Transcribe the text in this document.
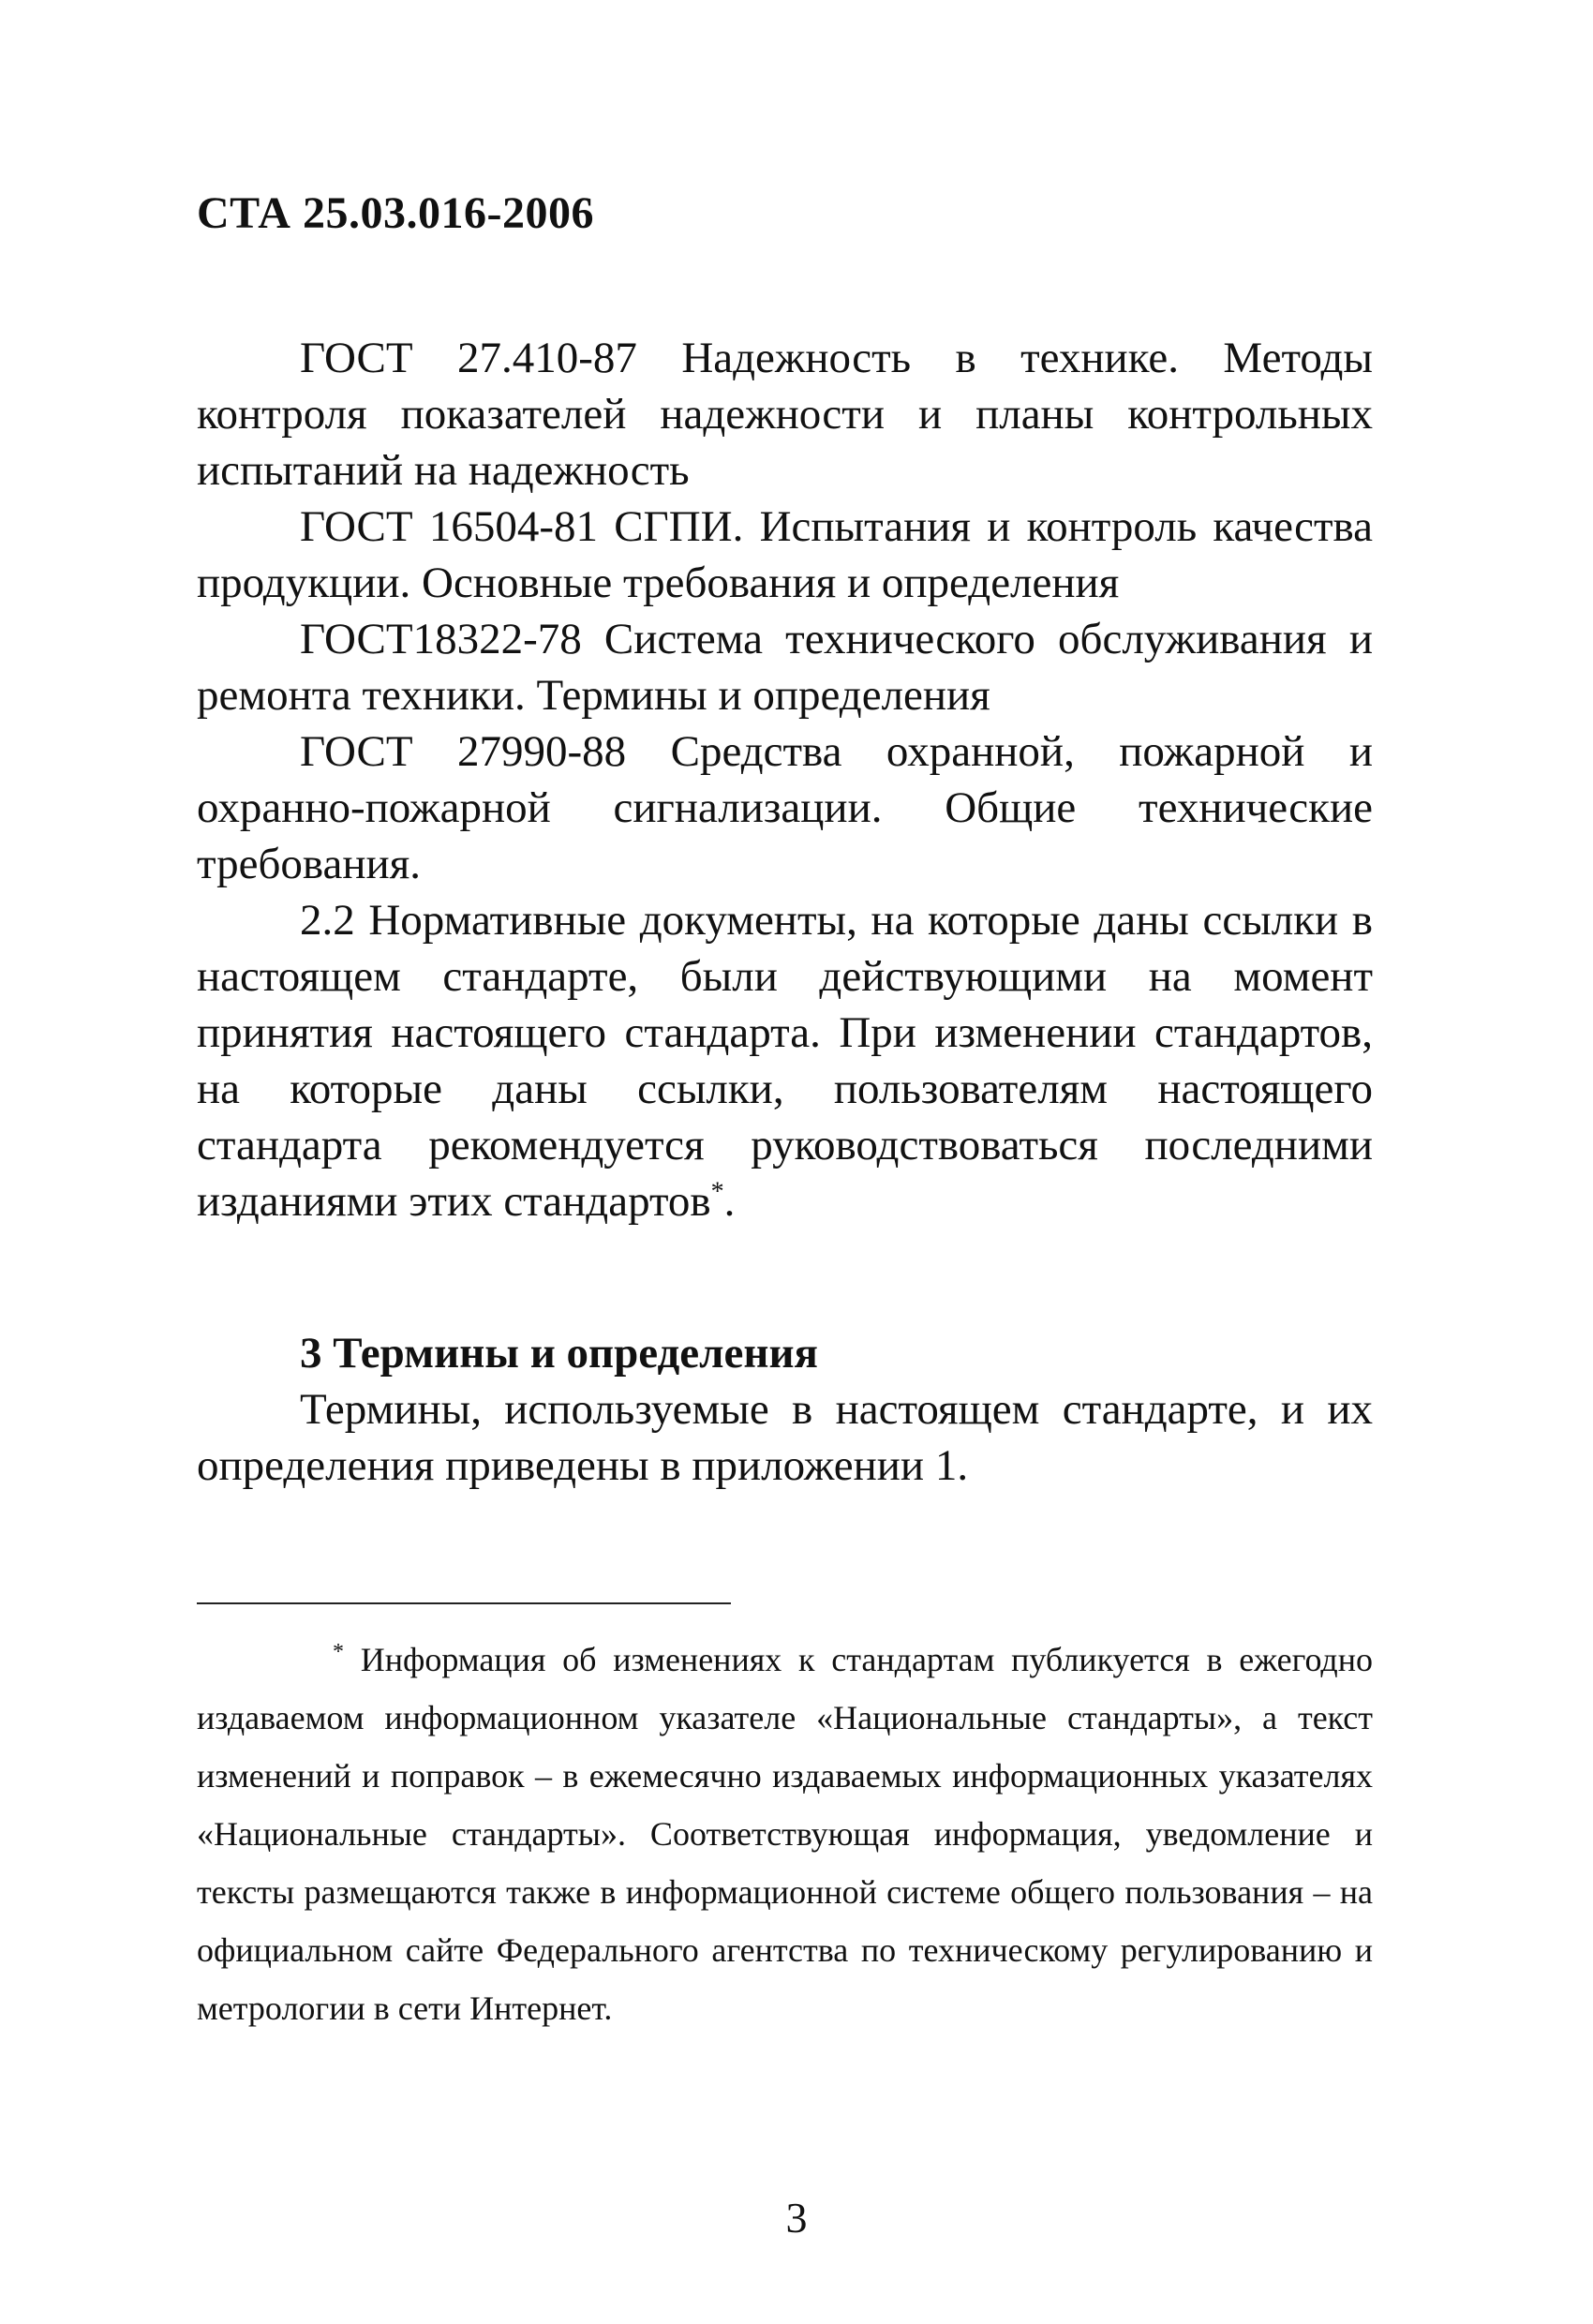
СТА 25.03.016-2006

ГОСТ 27.410-87 Надежность в технике. Методы контроля показателей надежности и планы контрольных испытаний на надежность

ГОСТ 16504-81 СГПИ. Испытания и контроль качества продукции. Основные требования и определения

ГОСТ18322-78 Система технического обслуживания и ремонта техники. Термины и определения

ГОСТ 27990-88 Средства охранной, пожарной и охранно-пожарной сигнализации. Общие технические требования.

2.2 Нормативные документы, на которые даны ссылки в настоящем стандарте, были действующими на момент принятия настоящего стандарта. При изменении стандартов, на которые даны ссылки, пользователям настоящего стандарта рекомендуется руководствоваться последними изданиями этих стандартов*.

3 Термины и определения

Термины, используемые в настоящем стандарте, и их определения приведены в приложении 1.

* Информация об изменениях к стандартам публикуется в ежегодно издаваемом информационном указателе «Национальные стандарты», а текст изменений и поправок – в ежемесячно издаваемых информационных указателях «Национальные стандарты». Соответствующая информация, уведомление и тексты размещаются также в информационной системе общего пользования – на официальном сайте Федерального агентства по техническому регулированию и метрологии в сети Интернет.

3
